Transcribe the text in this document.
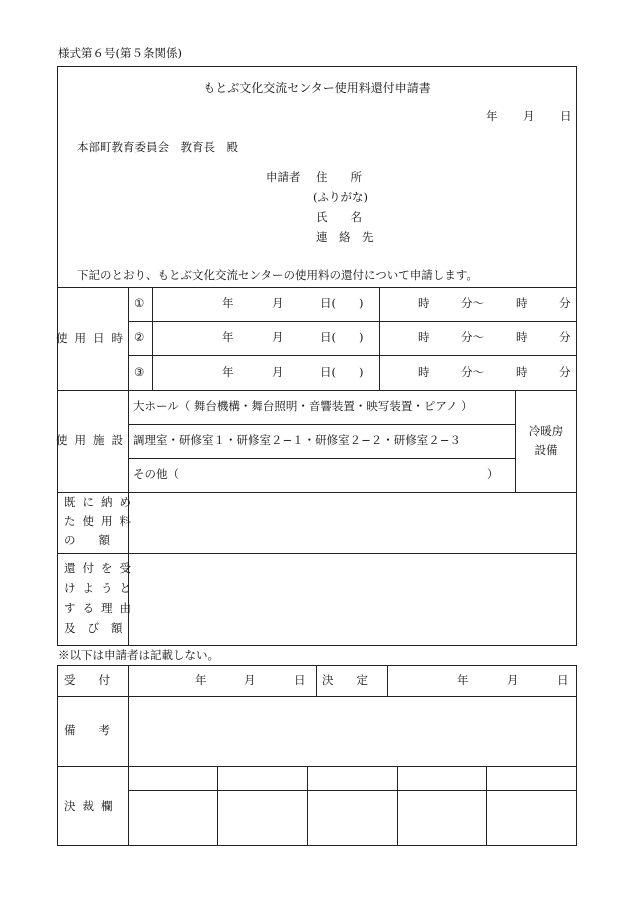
様式第６号(第５条関係)
もとぶ文化交流センター使用料還付申請書
年 月 日
本部町教育委員会　教育長　殿
申請者 住　　所
(ふりがな)
氏　　名
連　絡　先
下記のとおり、もとぶ文化交流センターの使用料の還付について申請します。
使用日時
①	年	月	日(　　)	時	分～	時	分
②	年	月	日(　　)	時	分～	時	分
③	年	月	日(　　)	時	分～	時	分
使用施設
大ホール（ 舞台機構・舞台照明・音響装置・映写装置・ピアノ ）
調理室・研修室１・研修室２−１・研修室２−２・研修室２−３
その他（	）
冷暖房
設備
既に納め
た使用料
の　　額
還付を受
けようと
する理由
及び額
※以下は申請者は記載しない。
受　　付	年	月	日 決　　定	年	月	日
備　　考
決裁欄
